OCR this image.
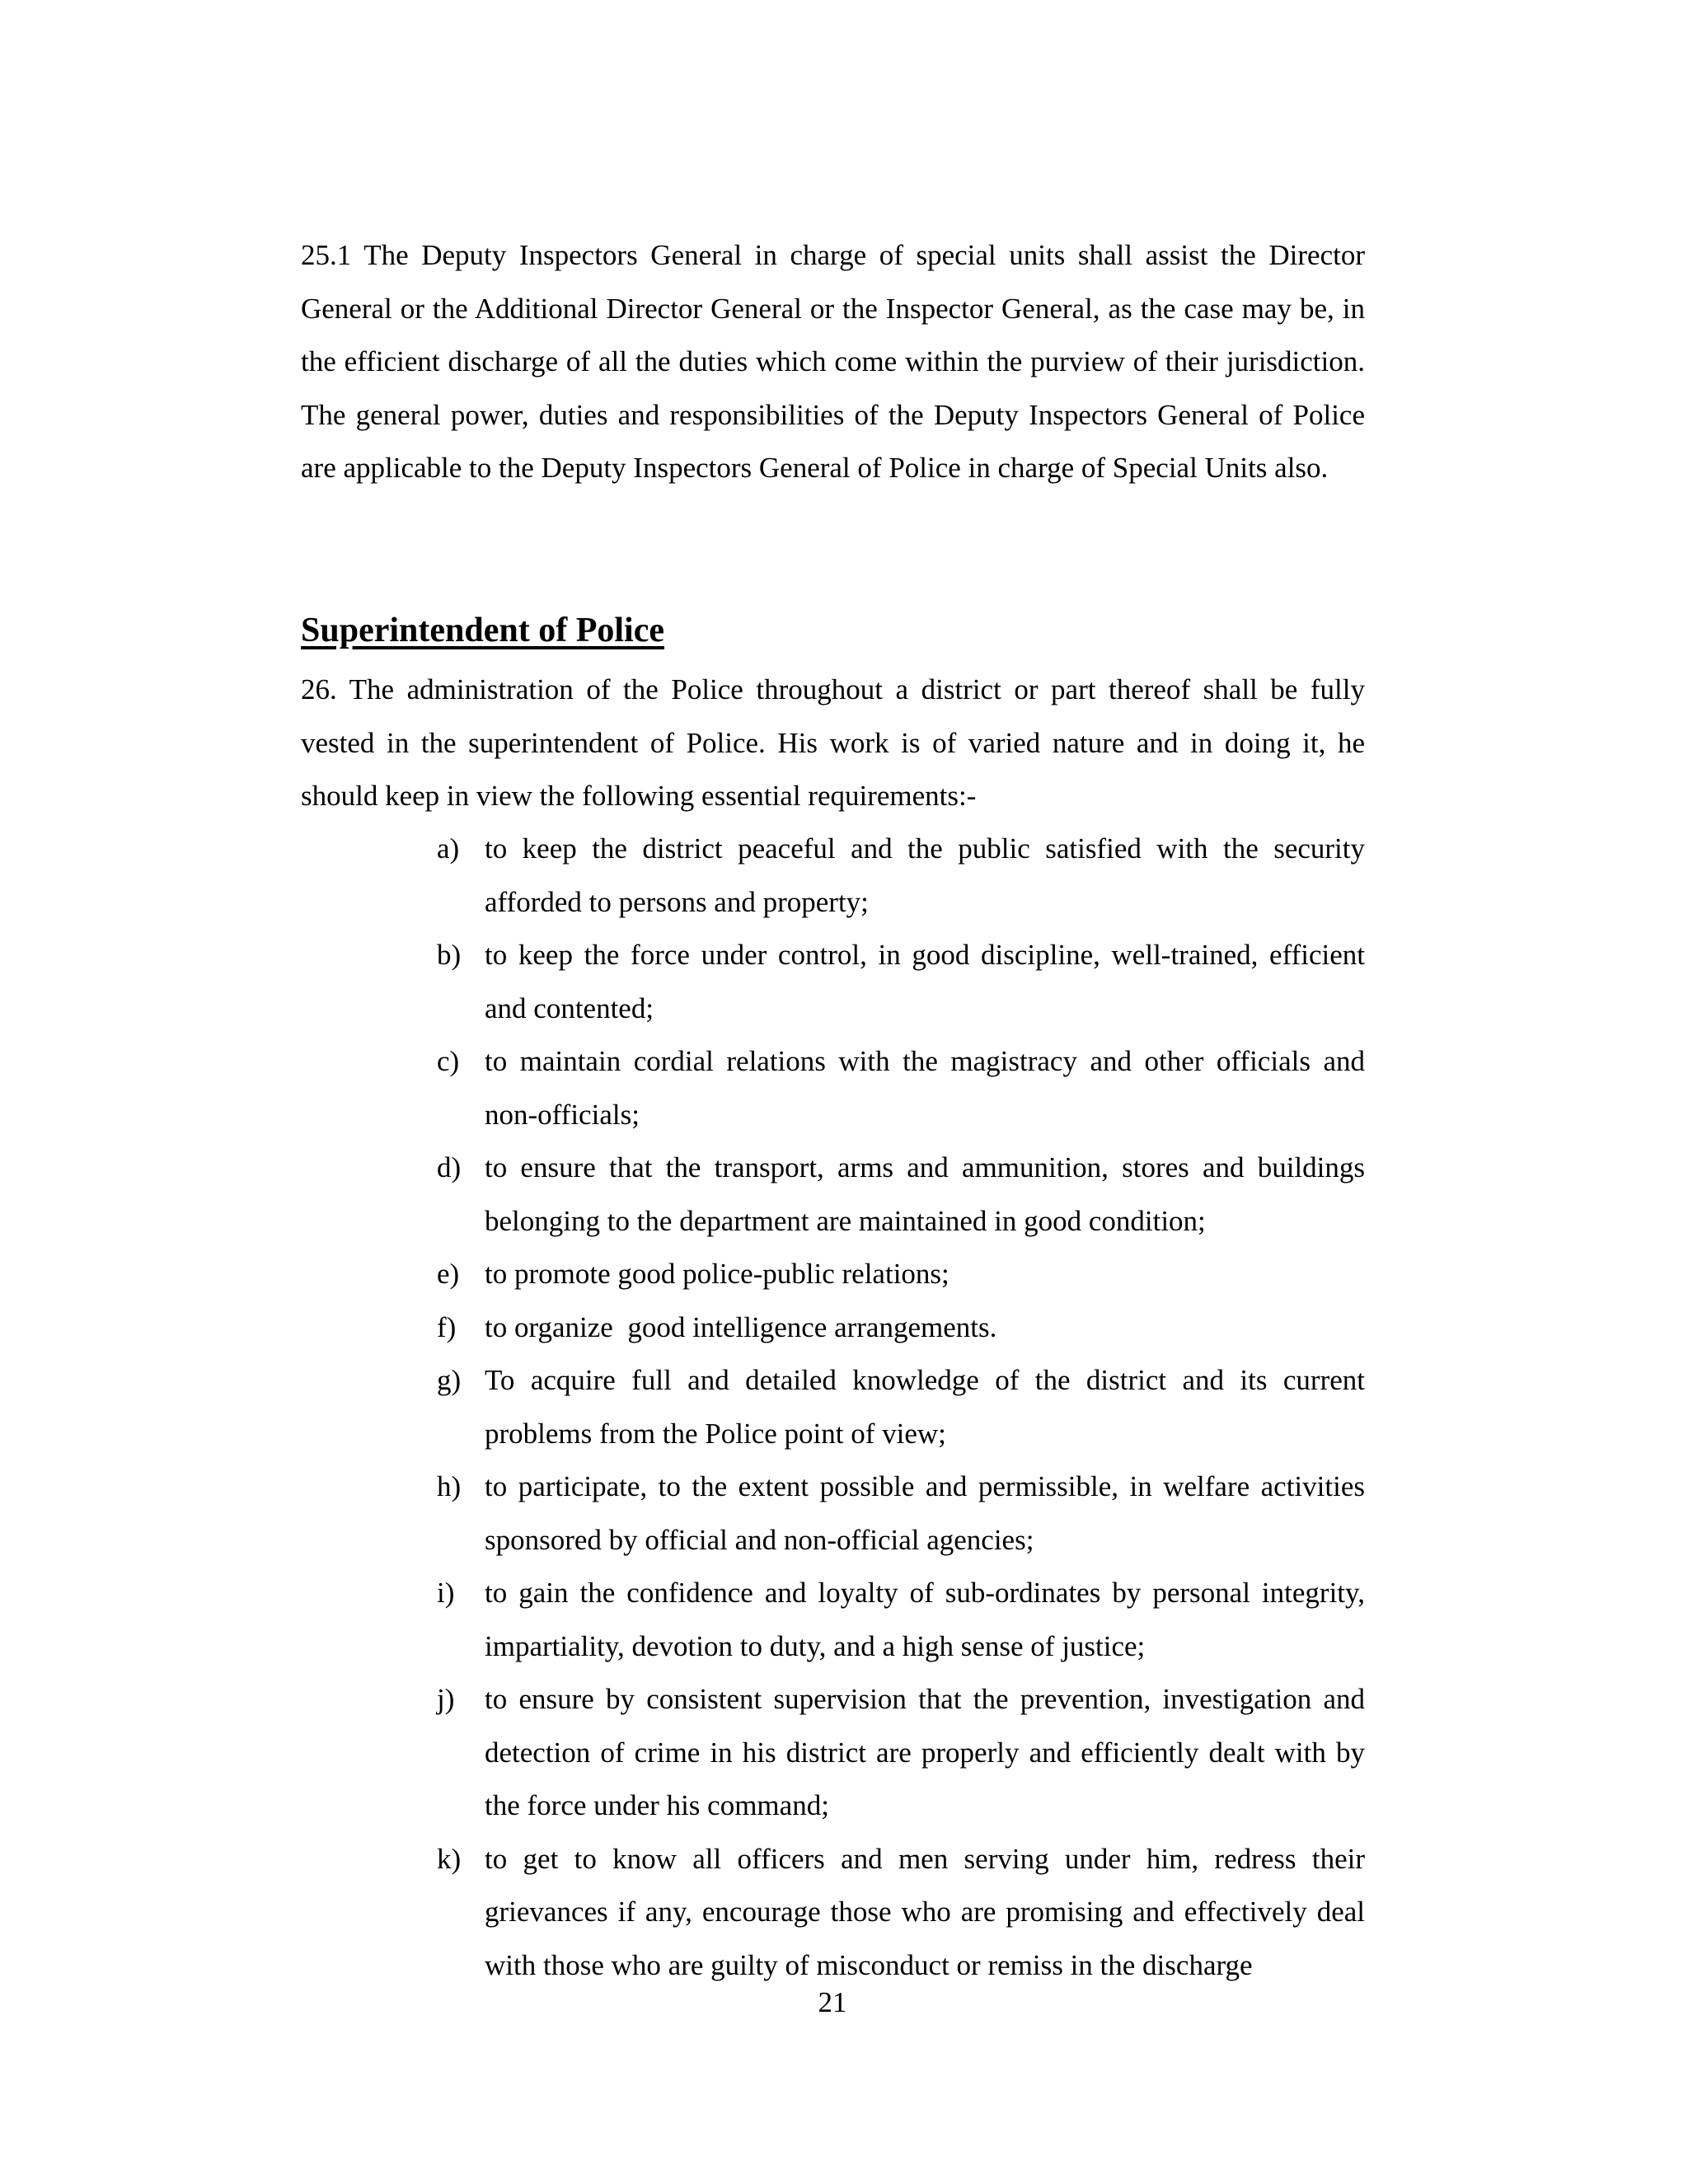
25.1 The Deputy Inspectors General in charge of special units shall assist the Director General or the Additional Director General or the Inspector General, as the case may be, in the efficient discharge of all the duties which come within the purview of their jurisdiction. The general power, duties and responsibilities of the Deputy Inspectors General of Police are applicable to the Deputy Inspectors General of Police in charge of Special Units also.

Superintendent of Police

26. The administration of the Police throughout a district or part thereof shall be fully vested in the superintendent of Police. His work is of varied nature and in doing it, he should keep in view the following essential requirements:-

a) to keep the district peaceful and the public satisfied with the security afforded to persons and property;
b) to keep the force under control, in good discipline, well-trained, efficient and contented;
c) to maintain cordial relations with the magistracy and other officials and non-officials;
d) to ensure that the transport, arms and ammunition, stores and buildings belonging to the department are maintained in good condition;
e) to promote good police-public relations;
f) to organize  good intelligence arrangements.
g) To acquire full and detailed knowledge of the district and its current problems from the Police point of view;
h) to participate, to the extent possible and permissible, in welfare activities sponsored by official and non-official agencies;
i)	to gain the confidence and loyalty of sub-ordinates by personal integrity, impartiality, devotion to duty, and a high sense of justice;
j)	to ensure by consistent supervision that the prevention, investigation and detection of crime in his district are properly and efficiently dealt with by the force under his command;
k) to get to know all officers and men serving under him, redress their grievances if any, encourage those who are promising and effectively deal with those who are guilty of misconduct or remiss in the discharge
21
